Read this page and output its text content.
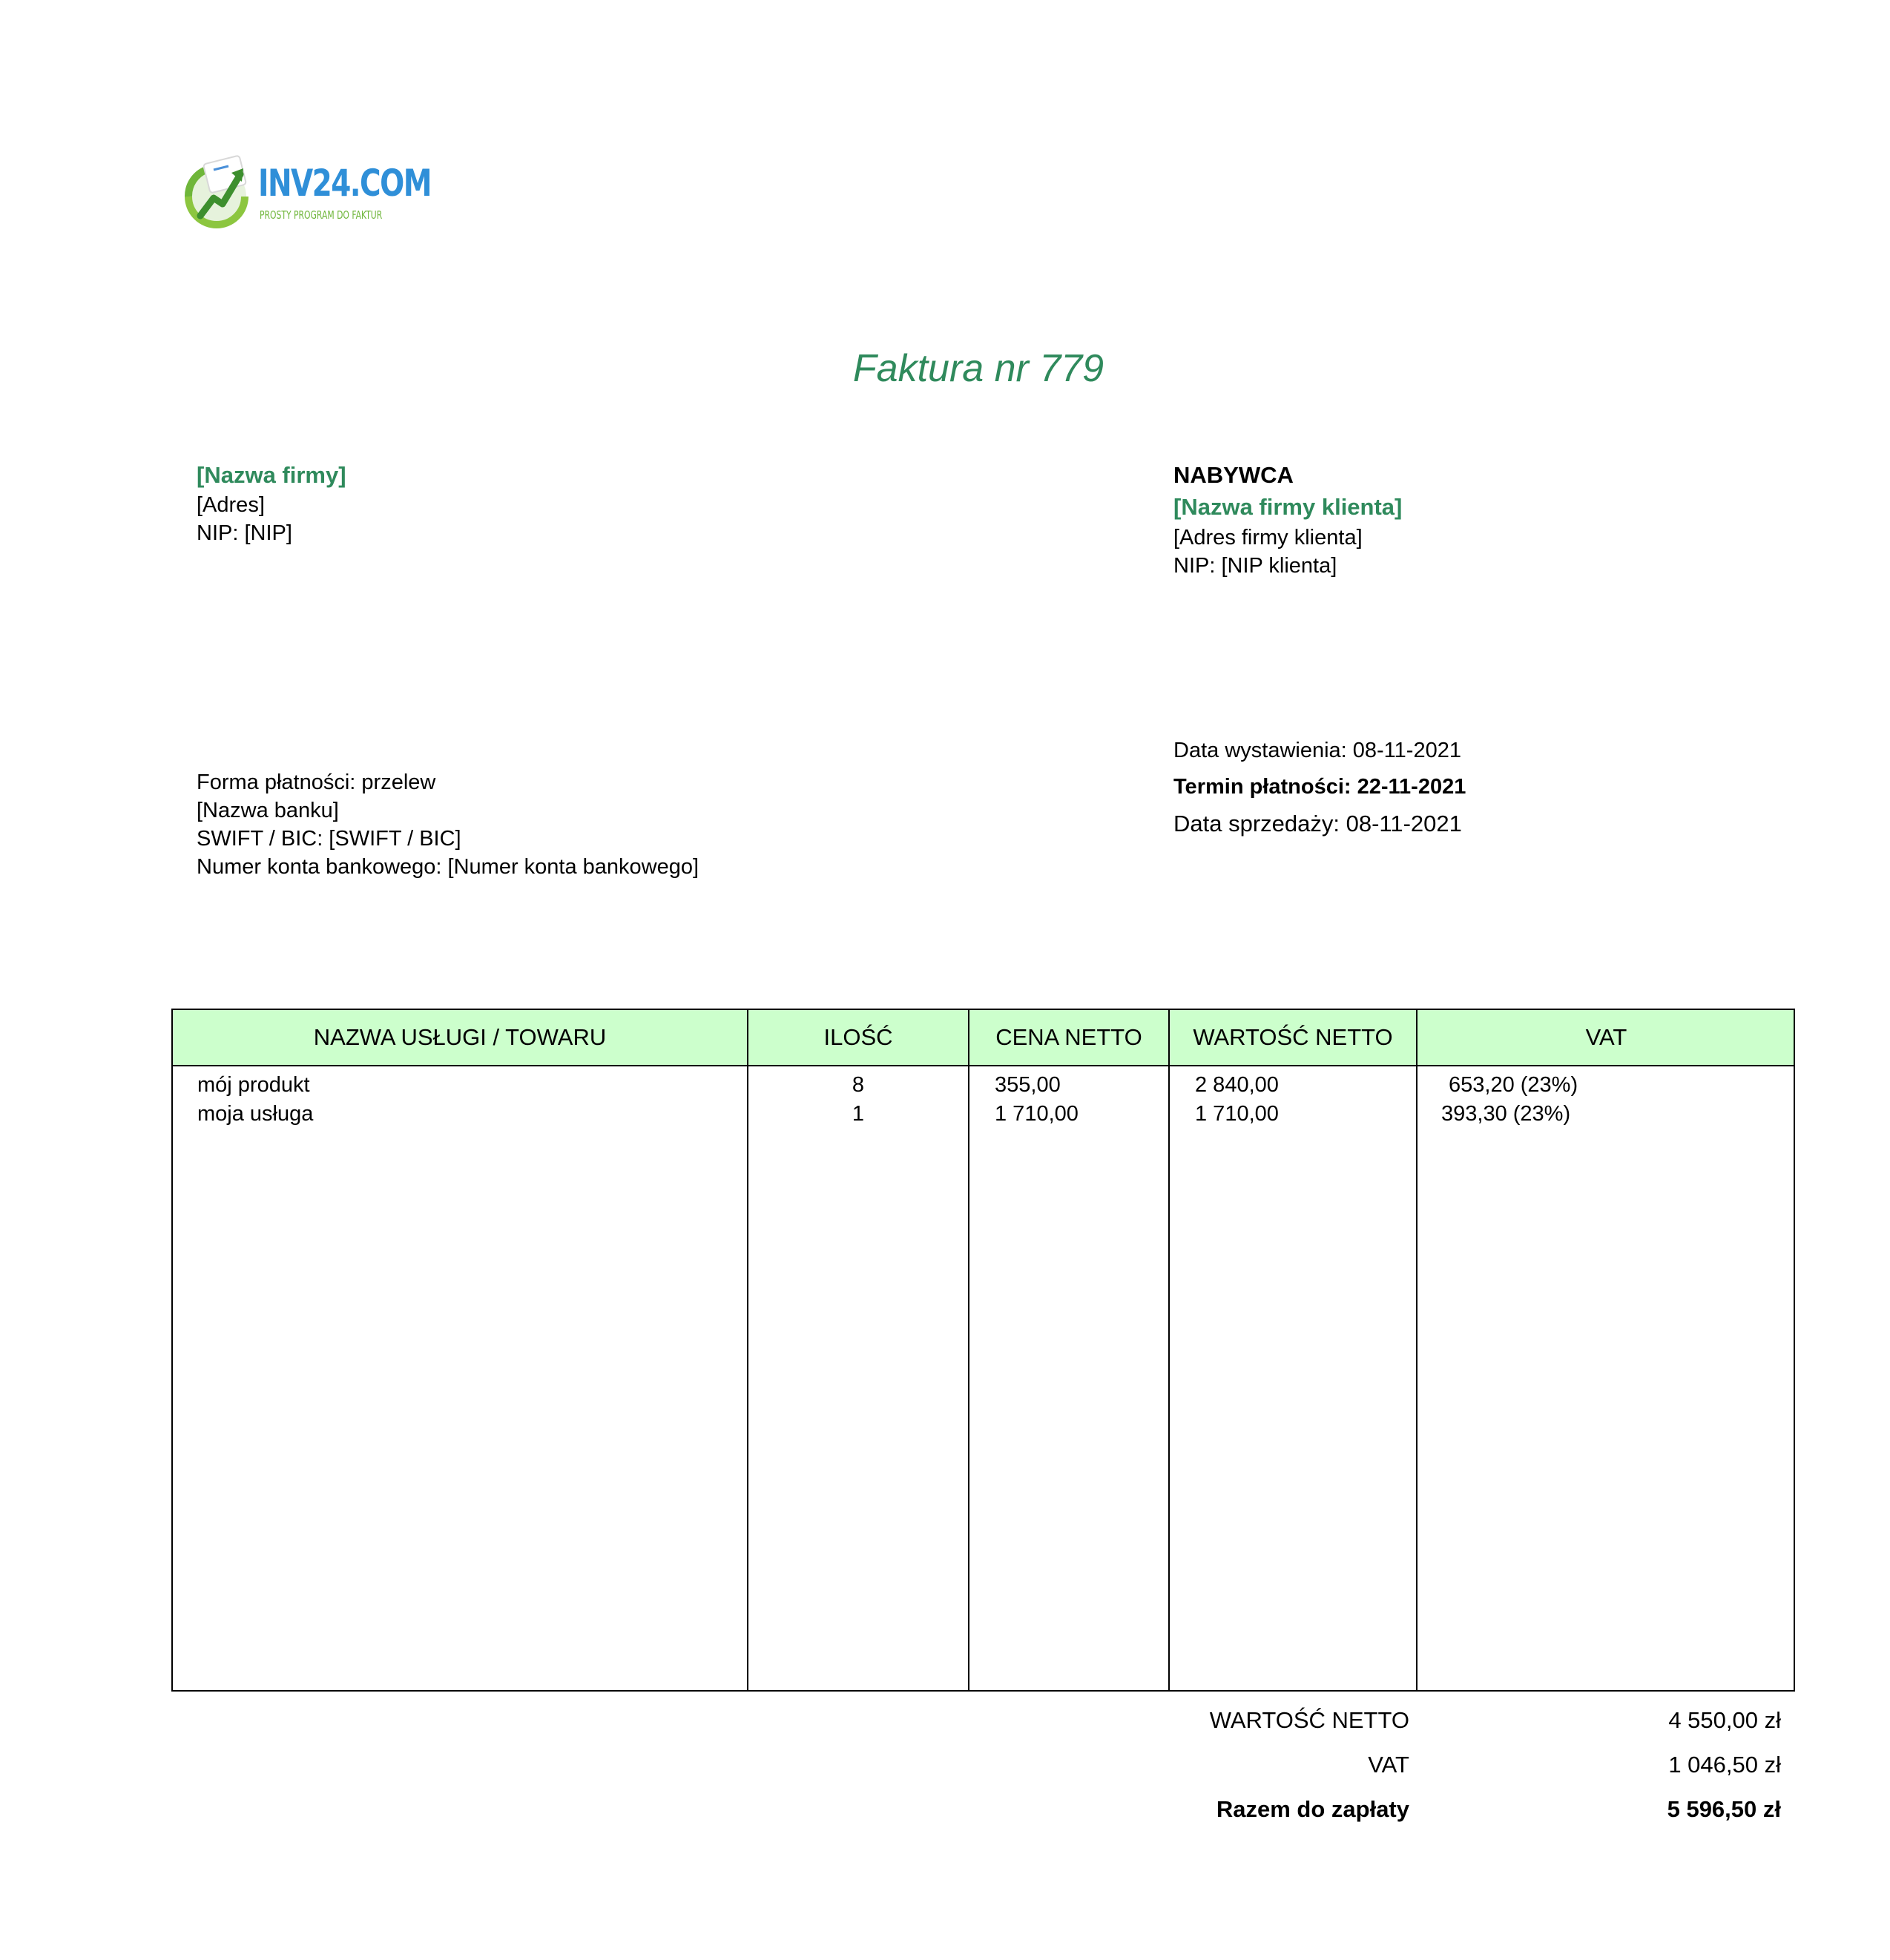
INV24.COM
PROSTY PROGRAM DO FAKTUR
Faktura nr 779
[Nazwa firmy]
[Adres]
NIP: [NIP]
NABYWCA
[Nazwa firmy klienta]
[Adres firmy klienta]
NIP: [NIP klienta]
Data wystawienia: 08-11-2021
Termin płatności: 22-11-2021
Data sprzedaży: 08-11-2021
Forma płatności: przelew
[Nazwa banku]
SWIFT / BIC: [SWIFT / BIC]
Numer konta bankowego: [Numer konta bankowego]
NAZWA USŁUGI / TOWARU	ILOŚĆ	CENA NETTO	WARTOŚĆ NETTO	VAT
mój produkt	8	355,00	2 840,00	653,20 (23%)
moja usługa	1	1 710,00	1 710,00	393,30 (23%)
WARTOŚĆ NETTO	4 550,00 zł
VAT	1 046,50 zł
Razem do zapłaty	5 596,50 zł
